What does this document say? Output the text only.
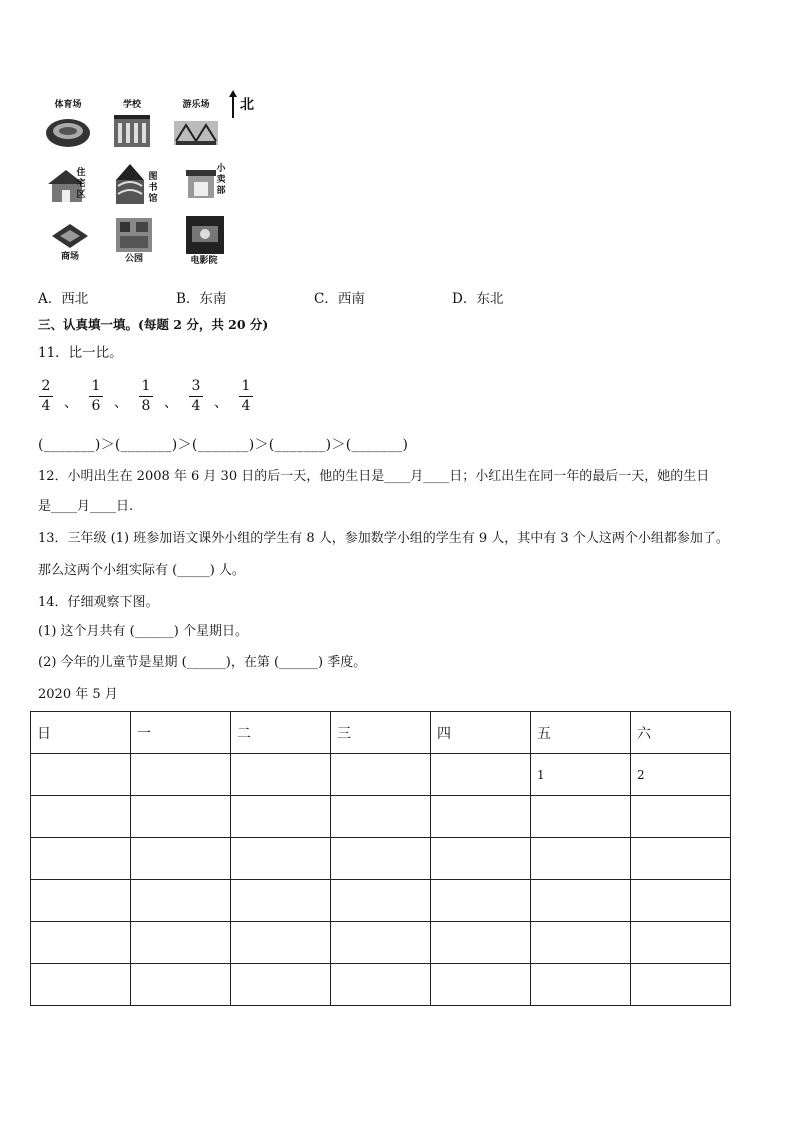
北
体育场	学校	游乐场
住
宅
区
图
书
馆
小
卖
部
商场	公园	电影院
A．西北	B．东南	C．西南	D．东北
三、认真填一填。(每题 2 分，共 20 分)
11．比一比。
2
4 、
1
6 、
1
8 、
3
4 、
1
4
(_______)＞(_______)＞(_______)＞(_______)＞(_______)
12．小明出生在 2008 年 6 月 30 日的后一天，他的生日是____月____日；小红出生在同一年的最后一天，她的生日
是____月____日.
13．三年级 (1) 班参加语文课外小组的学生有 8 人，参加数学小组的学生有 9 人，其中有 3 个人这两个小组都参加了。
那么这两个小组实际有 (_____) 人。
14．仔细观察下图。
(1) 这个月共有 (______) 个星期日。
(2) 今年的儿童节是星期 (______)，在第 (______) 季度。
2020 年 5 月
日	一	二	三	四	五	六
					1	2
